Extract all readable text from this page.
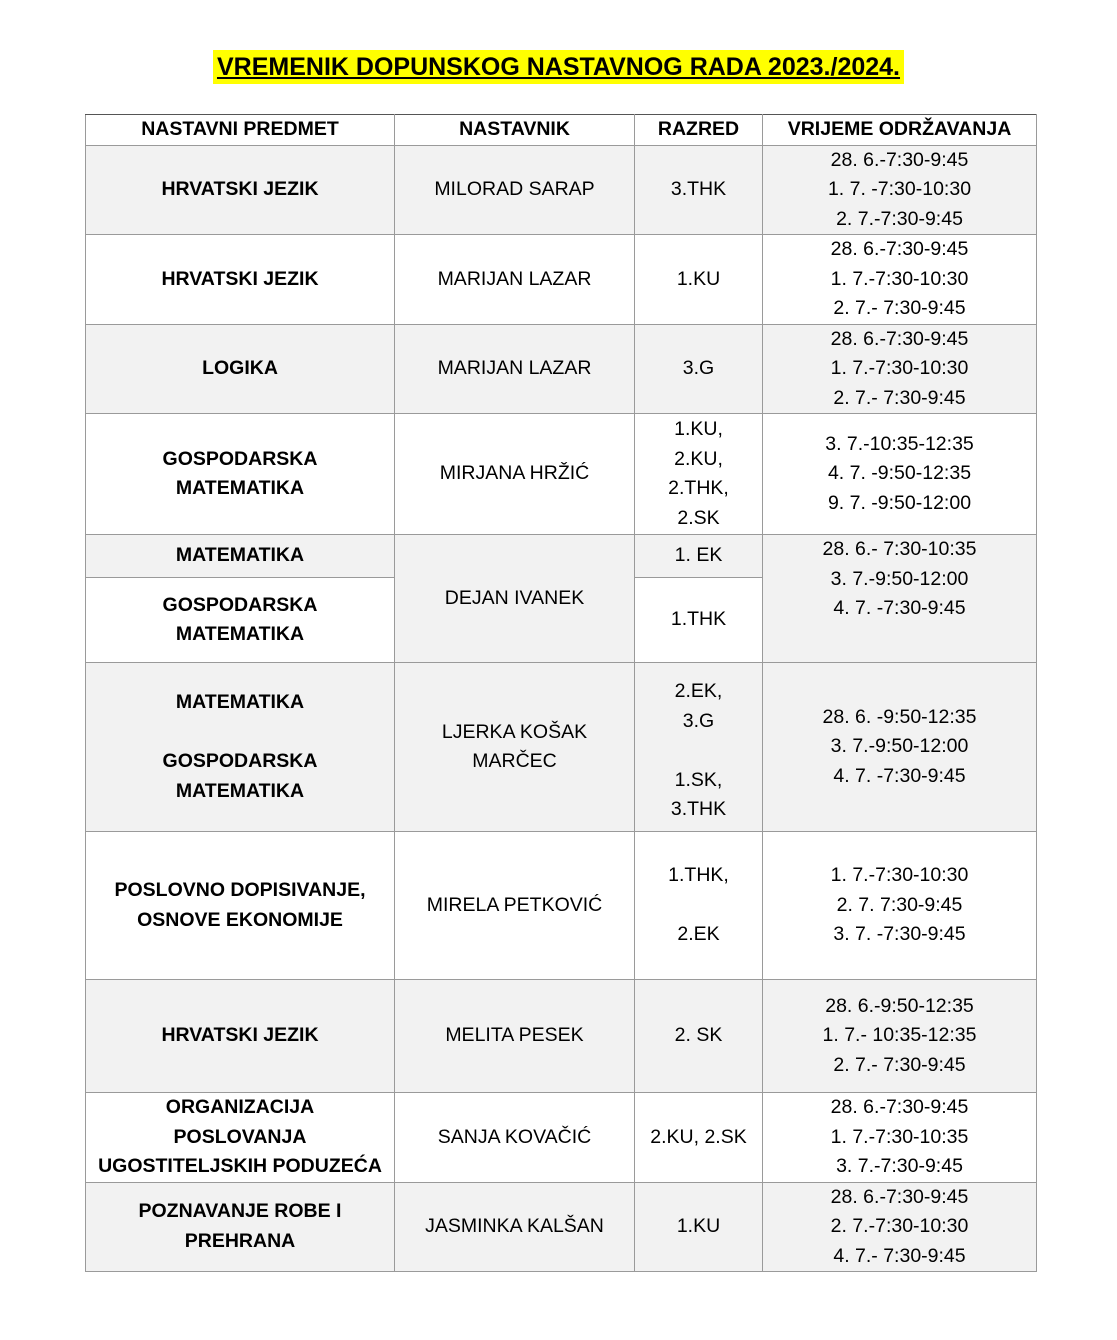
VREMENIK DOPUNSKOG NASTAVNOG RADA 2023./2024.
NASTAVNI PREDMET	NASTAVNIK	RAZRED	VRIJEME ODRŽAVANJA

HRVATSKI JEZIK	MILORAD SARAP	3.THK	28. 6.-7:30-9:45
1. 7. -7:30-10:30
2. 7.-7:30-9:45

HRVATSKI JEZIK	MARIJAN LAZAR	1.KU	28. 6.-7:30-9:45
1. 7.-7:30-10:30
2. 7.- 7:30-9:45

LOGIKA	MARIJAN LAZAR	3.G	28. 6.-7:30-9:45
1. 7.-7:30-10:30
2. 7.- 7:30-9:45

GOSPODARSKA
MATEMATIKA	MIRJANA HRŽIĆ	1.KU,
2.KU,
2.THK,
2.SK	3. 7.-10:35-12:35
4. 7. -9:50-12:35
9. 7. -9:50-12:00

MATEMATIKA	DEJAN IVANEK	1. EK	28. 6.- 7:30-10:35
3. 7.-9:50-12:00
4. 7. -7:30-9:45

GOSPODARSKA
MATEMATIKA		1.THK	

MATEMATIKA
GOSPODARSKA
MATEMATIKA	LJERKA KOŠAK
MARČEC	2.EK,
3.G
1.SK,
3.THK	28. 6. -9:50-12:35
3. 7.-9:50-12:00
4. 7. -7:30-9:45

POSLOVNO DOPISIVANJE,
OSNOVE EKONOMIJE	MIRELA PETKOVIĆ	1.THK,
2.EK	1. 7.-7:30-10:30
2. 7. 7:30-9:45
3. 7. -7:30-9:45

HRVATSKI JEZIK	MELITA PESEK	2. SK	28. 6.-9:50-12:35
1. 7.- 10:35-12:35
2. 7.- 7:30-9:45

ORGANIZACIJA
POSLOVANJA
UGOSTITELJSKIH PODUZEĆA	SANJA KOVAČIĆ	2.KU, 2.SK	28. 6.-7:30-9:45
1. 7.-7:30-10:35
3. 7.-7:30-9:45

POZNAVANJE ROBE I
PREHRANA	JASMINKA KALŠAN	1.KU	28. 6.-7:30-9:45
2. 7.-7:30-10:30
4. 7.- 7:30-9:45
